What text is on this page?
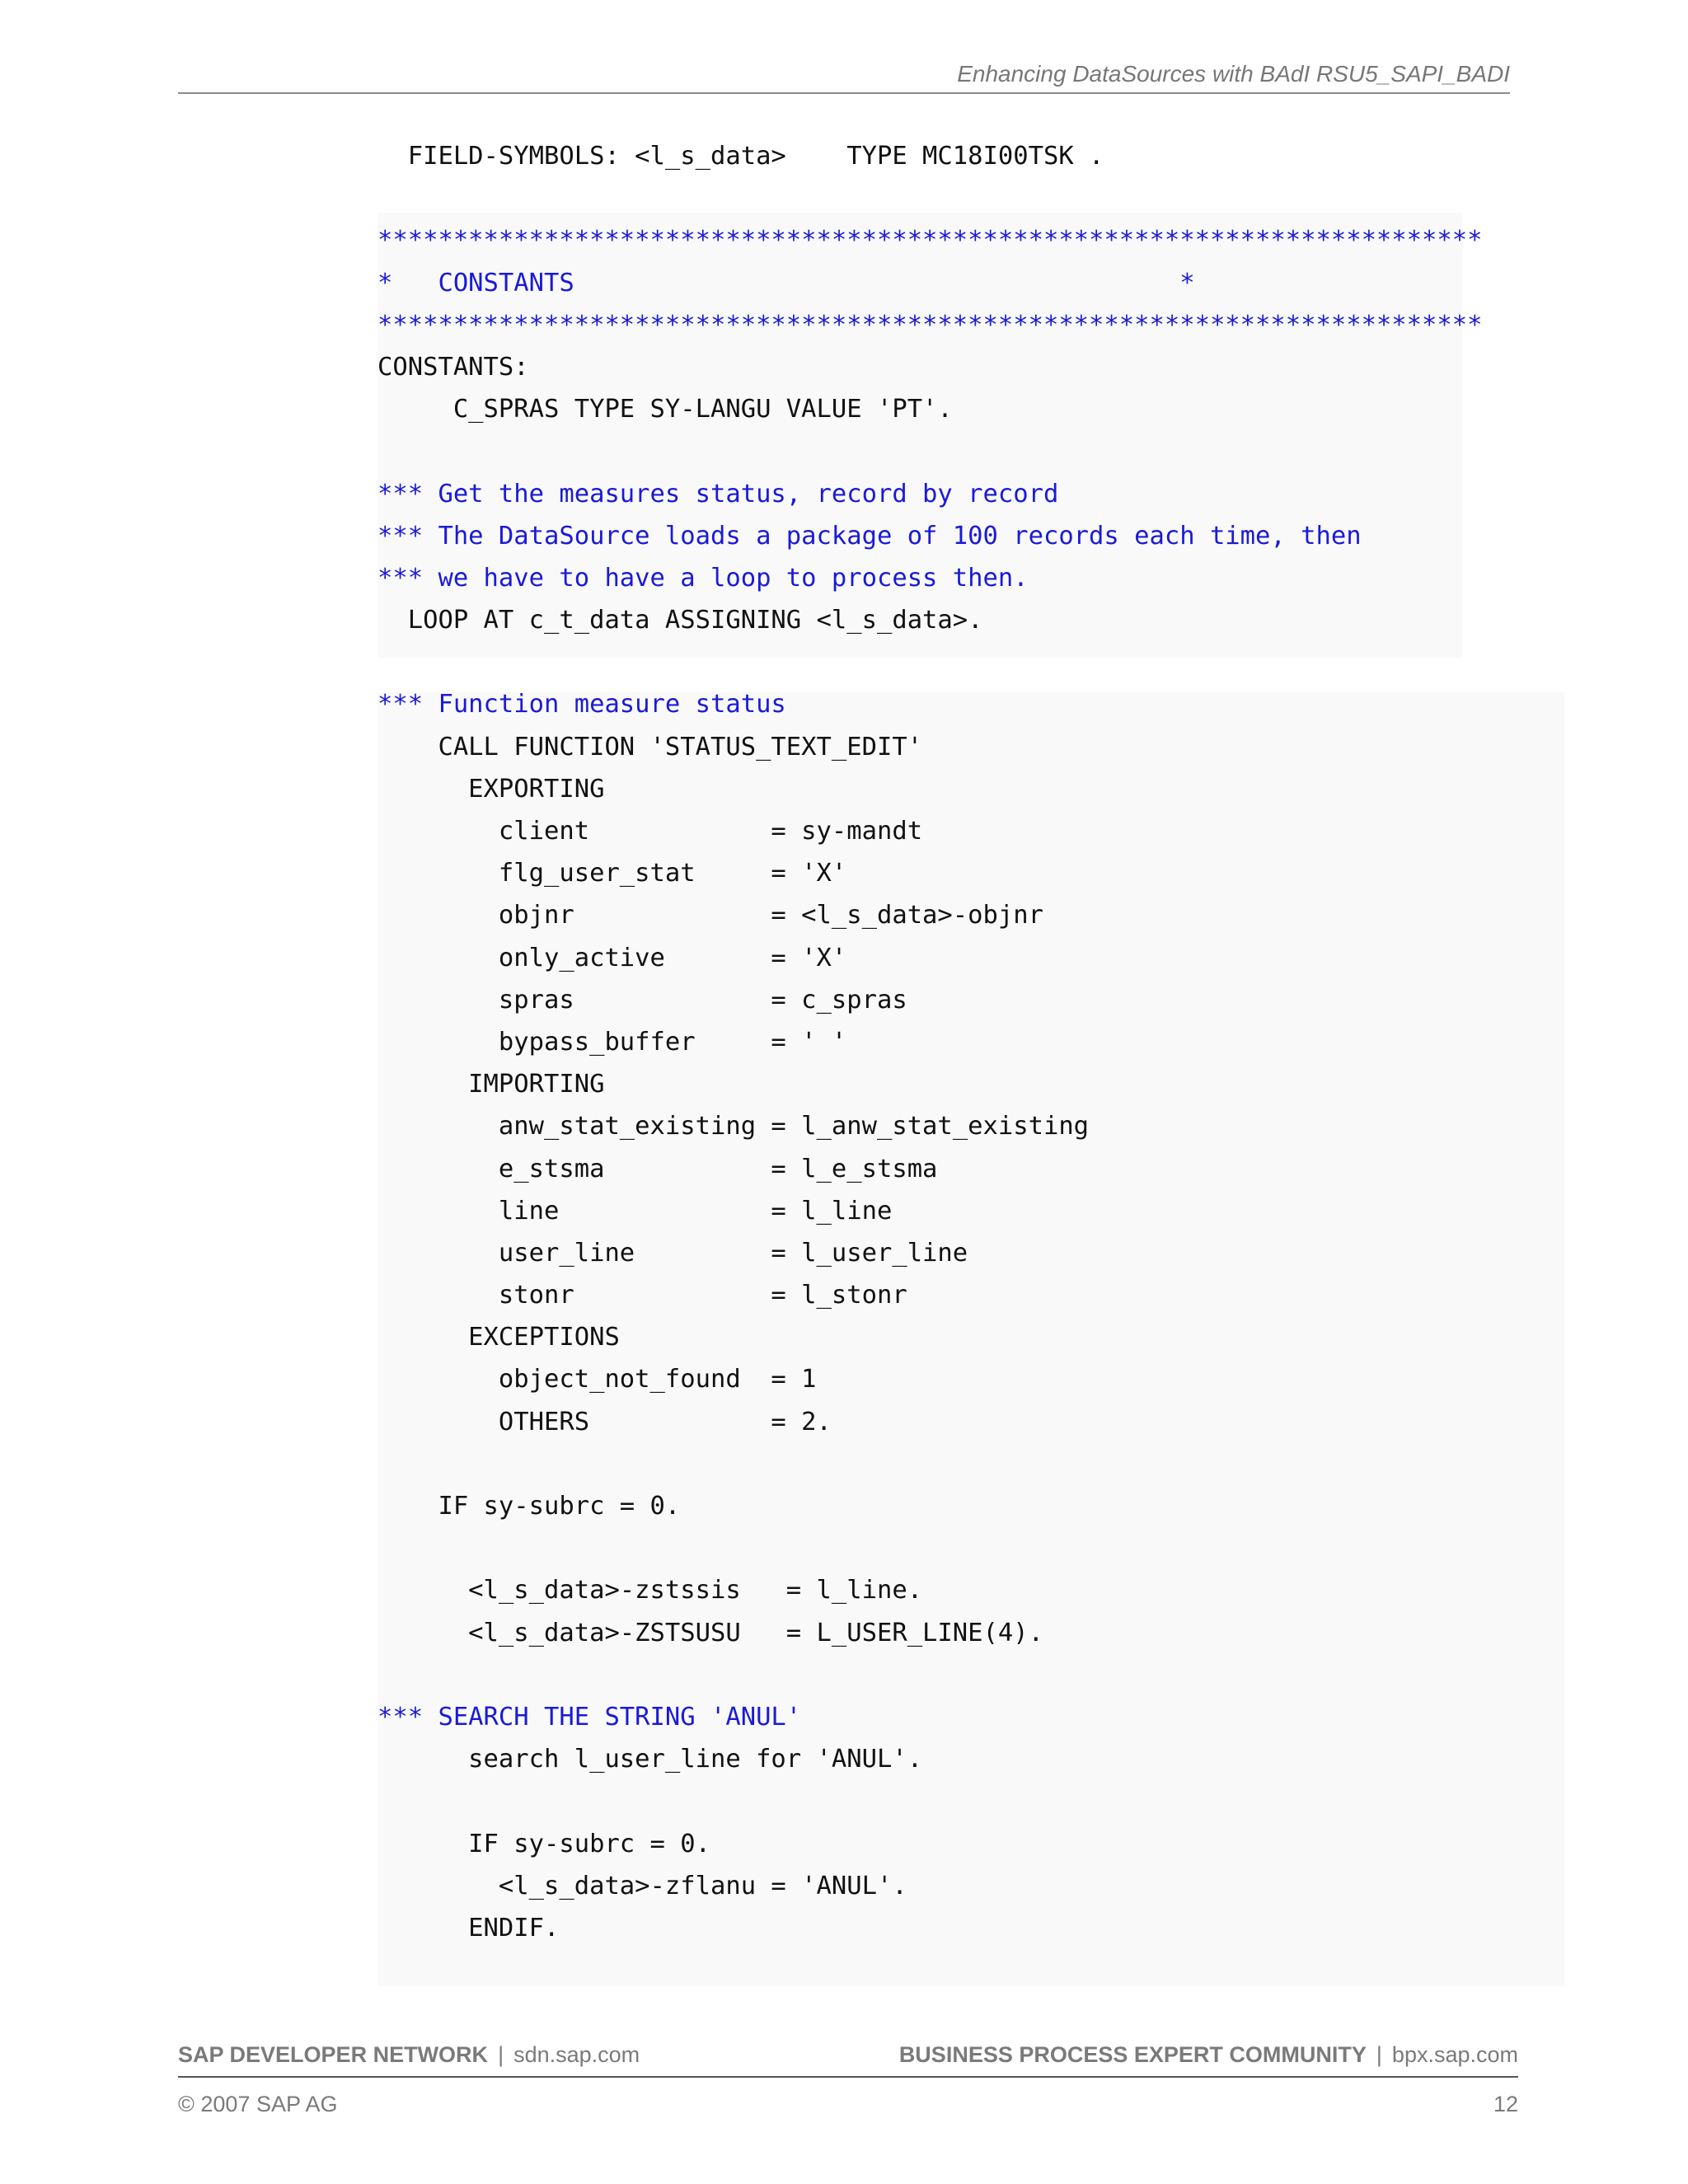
Enhancing DataSources with BAdI RSU5_SAPI_BADI
FIELD-SYMBOLS: <l_s_data>    TYPE MC18I00TSK .
*************************************************************************
*   CONSTANTS                                        *
*************************************************************************
CONSTANTS:
C_SPRAS TYPE SY-LANGU VALUE 'PT'.
*** Get the measures status, record by record
*** The DataSource loads a package of 100 records each time, then
*** we have to have a loop to process then.
LOOP AT c_t_data ASSIGNING <l_s_data>.
*** Function measure status
CALL FUNCTION 'STATUS_TEXT_EDIT'
EXPORTING
client            = sy-mandt
flg_user_stat     = 'X'
objnr             = <l_s_data>-objnr
only_active       = 'X'
spras             = c_spras
bypass_buffer     = ' '
IMPORTING
anw_stat_existing = l_anw_stat_existing
e_stsma           = l_e_stsma
line              = l_line
user_line         = l_user_line
stonr             = l_stonr
EXCEPTIONS
object_not_found  = 1
OTHERS            = 2.
IF sy-subrc = 0.
<l_s_data>-zstssis   = l_line.
<l_s_data>-ZSTSUSU   = L_USER_LINE(4).
*** SEARCH THE STRING 'ANUL'
search l_user_line for 'ANUL'.
IF sy-subrc = 0.
<l_s_data>-zflanu = 'ANUL'.
ENDIF.
SAP DEVELOPER NETWORK | sdn.sap.com	BUSINESS PROCESS EXPERT COMMUNITY | bpx.sap.com
© 2007 SAP AG	12
